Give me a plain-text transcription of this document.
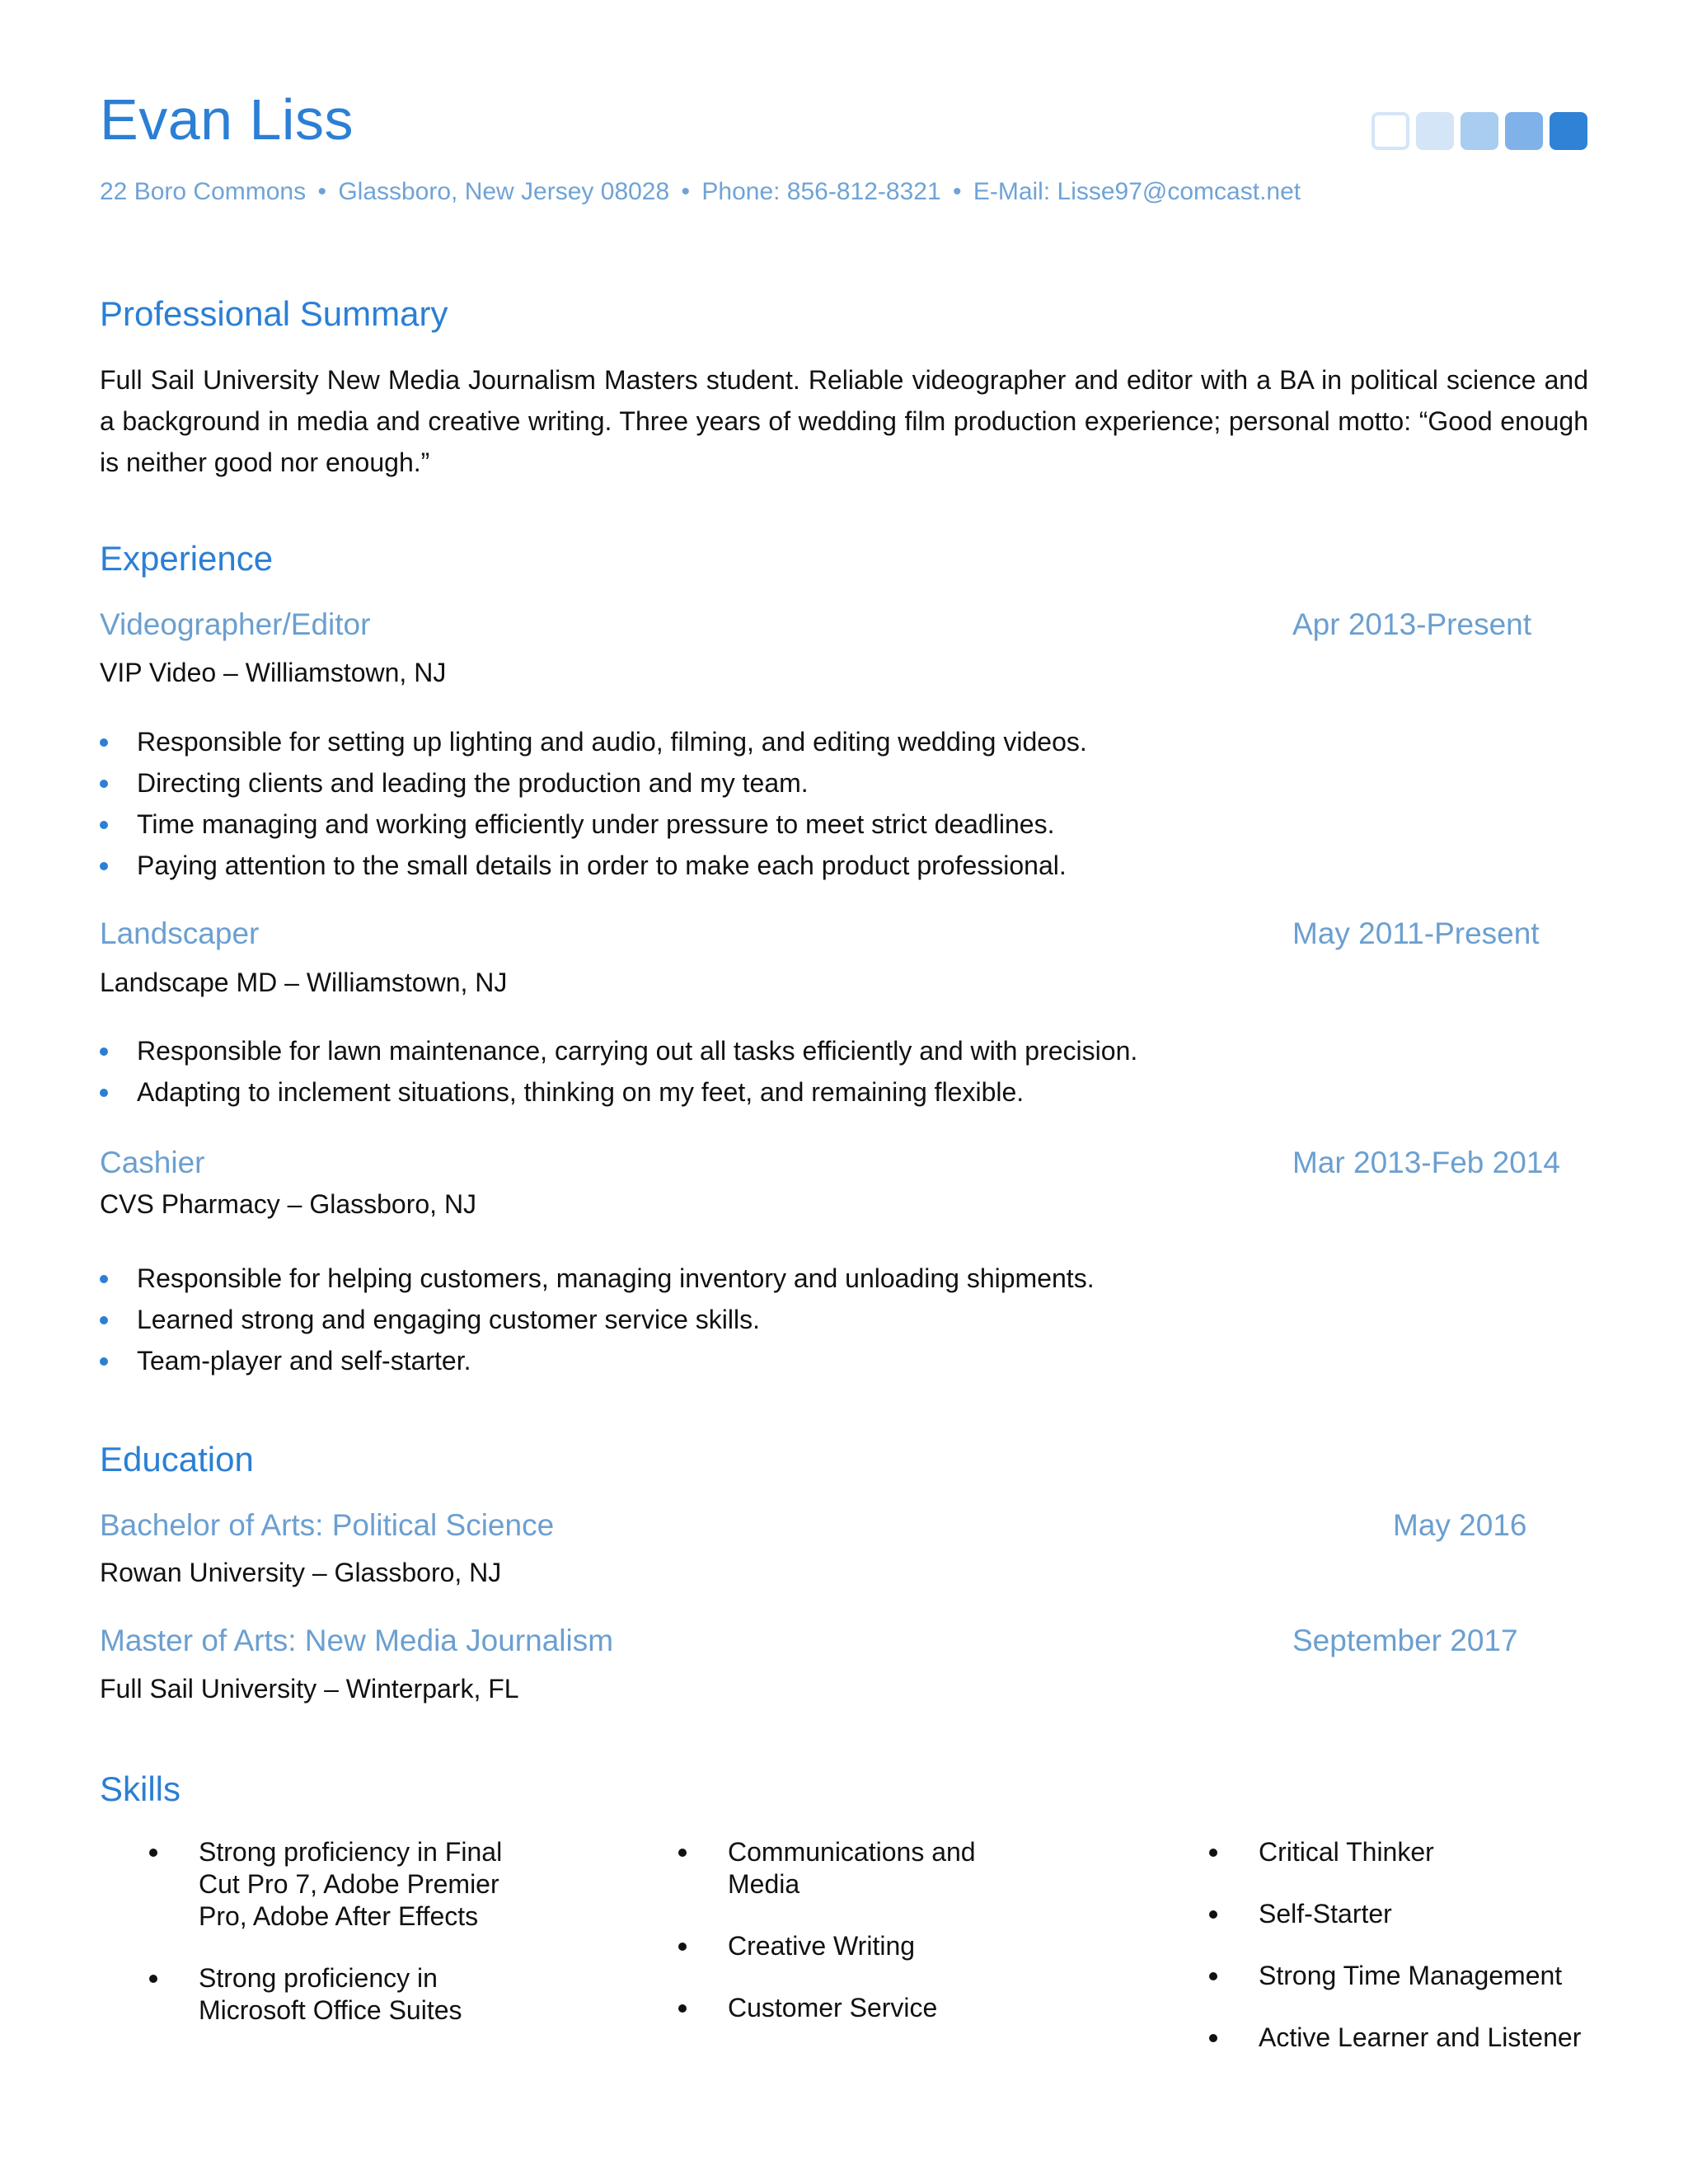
Evan Liss
22 Boro Commons • Glassboro, New Jersey 08028 • Phone: 856-812-8321 • E-Mail: Lisse97@comcast.net
Professional Summary
Full Sail University New Media Journalism Masters student. Reliable videographer and editor with a BA in political science and a background in media and creative writing. Three years of wedding film production experience; personal motto: “Good enough is neither good nor enough.”
Experience
Videographer/Editor	Apr 2013-Present
VIP Video – Williamstown, NJ
Responsible for setting up lighting and audio, filming, and editing wedding videos.
Directing clients and leading the production and my team.
Time managing and working efficiently under pressure to meet strict deadlines.
Paying attention to the small details in order to make each product professional.
Landscaper	May 2011-Present
Landscape MD – Williamstown, NJ
Responsible for lawn maintenance, carrying out all tasks efficiently and with precision.
Adapting to inclement situations, thinking on my feet, and remaining flexible.
Cashier	Mar 2013-Feb 2014
CVS Pharmacy – Glassboro, NJ
Responsible for helping customers, managing inventory and unloading shipments.
Learned strong and engaging customer service skills.
Team-player and self-starter.
Education
Bachelor of Arts: Political Science	May 2016
Rowan University – Glassboro, NJ
Master of Arts: New Media Journalism	September 2017
Full Sail University – Winterpark, FL
Skills
Strong proficiency in Final Cut Pro 7, Adobe Premier Pro, Adobe After Effects
Strong proficiency in Microsoft Office Suites
Communications and Media
Creative Writing
Customer Service
Critical Thinker
Self-Starter
Strong Time Management
Active Learner and Listener
